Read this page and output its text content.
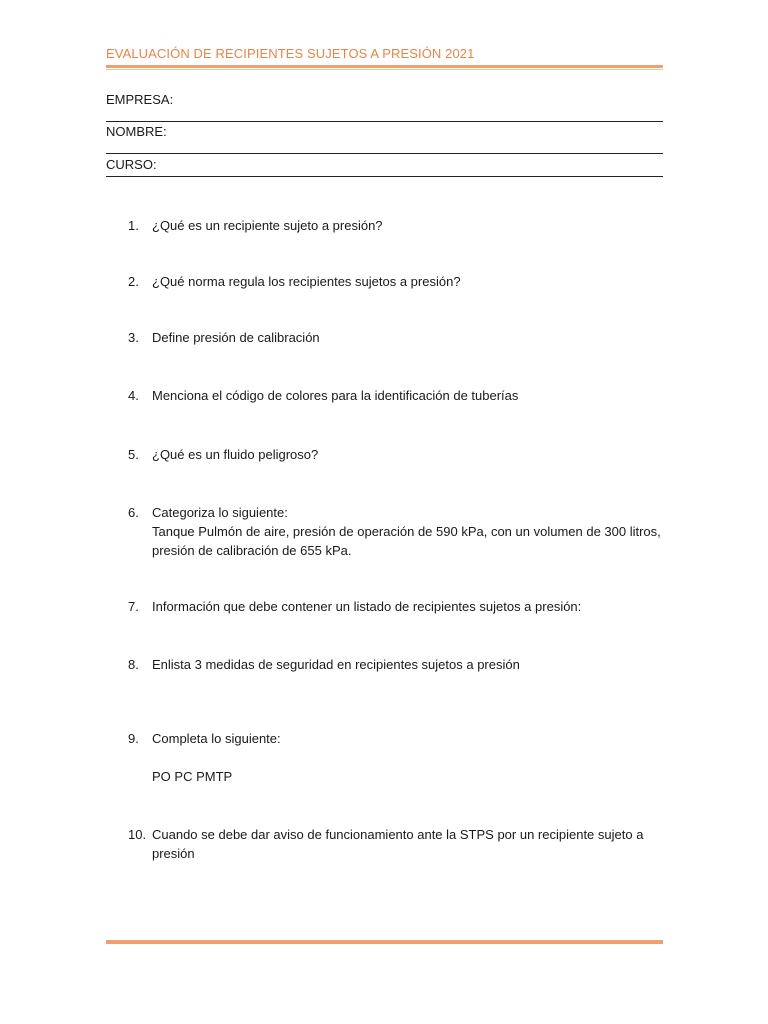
EVALUACIÓN DE RECIPIENTES SUJETOS A PRESIÓN 2021
EMPRESA:
NOMBRE:
CURSO:
1. ¿Qué es un recipiente sujeto a presión?
2. ¿Qué norma regula los recipientes sujetos a presión?
3. Define presión de calibración
4. Menciona el código de colores para la identificación de tuberías
5. ¿Qué es un fluido peligroso?
6. Categoriza lo siguiente:
Tanque Pulmón de aire, presión de operación de 590 kPa, con un volumen de 300 litros,
presión de calibración de 655 kPa.
7. Información que debe contener un listado de recipientes sujetos a presión:
8. Enlista 3 medidas de seguridad en recipientes sujetos a presión
9. Completa lo siguiente:
PO PC PMTP
10. Cuando se debe dar aviso de funcionamiento ante la STPS por un recipiente sujeto a
presión
